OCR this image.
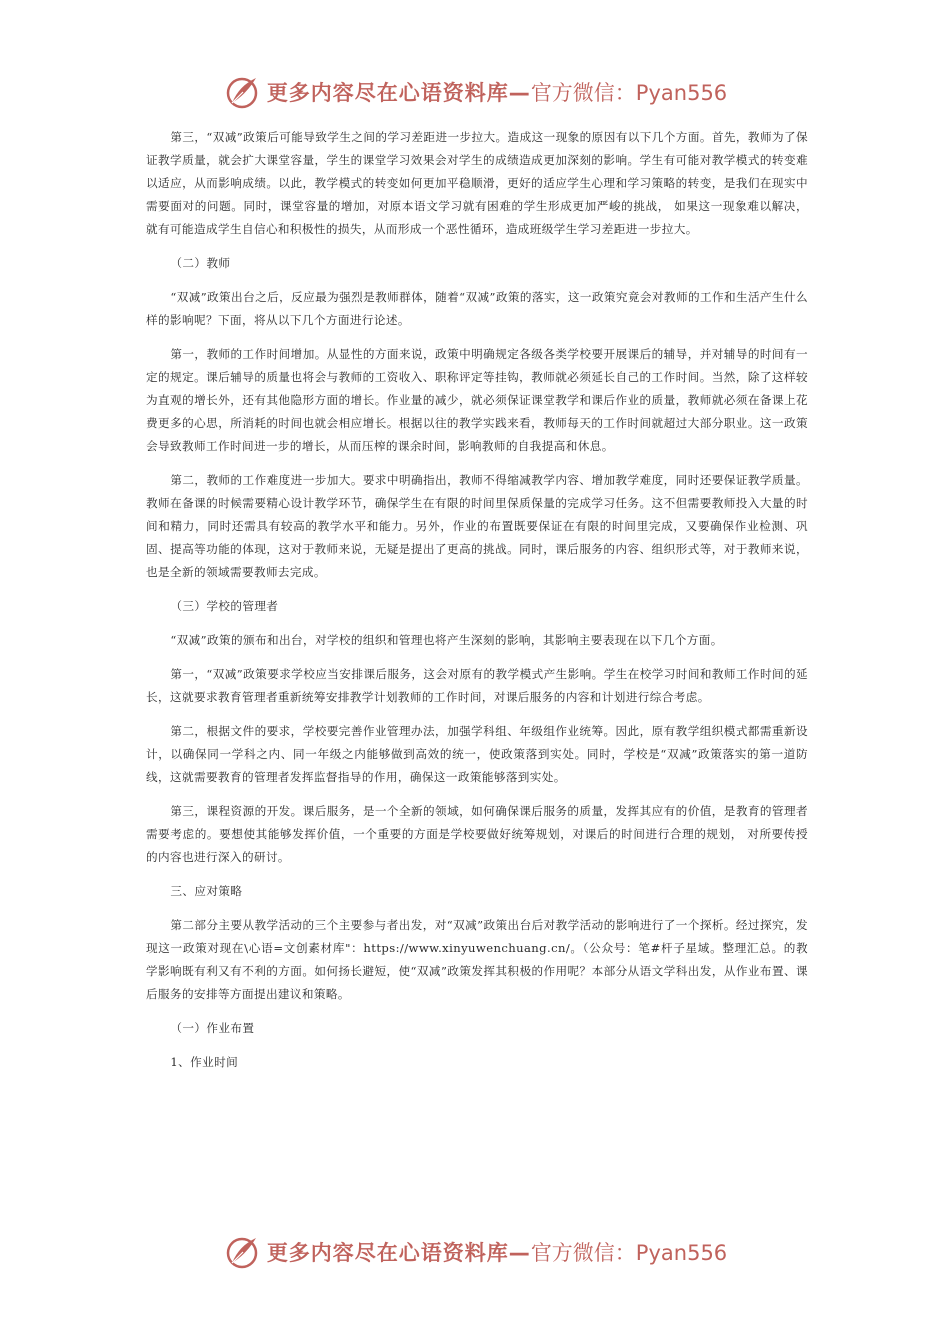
更多内容尽在心语资料库— 官方微信：Pyan556

第三，“双减”政策后可能导致学生之间的学习差距进一步拉大。造成这一现象的原因有以下几个方面。首先，教师为了保证教学质量，就会扩大课堂容量，学生的课堂学习效果会对学生的成绩造成更加深刻的影响。学生有可能对教学模式的转变难以适应，从而影响成绩。以此，教学模式的转变如何更加平稳顺滑，更好的适应学生心理和学习策略的转变，是我们在现实中需要面对的问题。同时，课堂容量的增加，对原本语文学习就有困难的学生形成更加严峻的挑战， 如果这一现象难以解决，就有可能造成学生自信心和积极性的损失，从而形成一个恶性循环，造成班级学生学习差距进一步拉大。

（二）教师

“双减”政策出台之后，反应最为强烈是教师群体，随着“双减”政策的落实，这一政策究竟会对教师的工作和生活产生什么样的影响呢？下面，将从以下几个方面进行论述。

第一，教师的工作时间增加。从显性的方面来说，政策中明确规定各级各类学校要开展课后的辅导，并对辅导的时间有一定的规定。课后辅导的质量也将会与教师的工资收入、职称评定等挂钩，教师就必须延长自己的工作时间。当然，除了这样较为直观的增长外，还有其他隐形方面的增长。作业量的减少，就必须保证课堂教学和课后作业的质量，教师就必须在备课上花费更多的心思，所消耗的时间也就会相应增长。根据以往的教学实践来看，教师每天的工作时间就超过大部分职业。这一政策会导致教师工作时间进一步的增长，从而压榨的课余时间，影响教师的自我提高和休息。

第二，教师的工作难度进一步加大。要求中明确指出，教师不得缩减教学内容、增加教学难度，同时还要保证教学质量。教师在备课的时候需要精心设计教学环节，确保学生在有限的时间里保质保量的完成学习任务。这不但需要教师投入大量的时间和精力，同时还需具有较高的教学水平和能力。另外，作业的布置既要保证在有限的时间里完成，又要确保作业检测、巩固、提高等功能的体现，这对于教师来说，无疑是提出了更高的挑战。同时，课后服务的内容、组织形式等，对于教师来说，也是全新的领域需要教师去完成。

（三）学校的管理者

“双减”政策的颁布和出台，对学校的组织和管理也将产生深刻的影响，其影响主要表现在以下几个方面。

第一，“双减”政策要求学校应当安排课后服务，这会对原有的教学模式产生影响。学生在校学习时间和教师工作时间的延长，这就要求教育管理者重新统筹安排教学计划教师的工作时间，对课后服务的内容和计划进行综合考虑。

第二，根据文件的要求，学校要完善作业管理办法，加强学科组、年级组作业统筹。因此，原有教学组织模式都需重新设计，以确保同一学科之内、同一年级之内能够做到高效的统一，使政策落到实处。同时，学校是“双减”政策落实的第一道防线，这就需要教育的管理者发挥监督指导的作用，确保这一政策能够落到实处。

第三，课程资源的开发。课后服务，是一个全新的领域，如何确保课后服务的质量，发挥其应有的价值，是教育的管理者需要考虑的。要想使其能够发挥价值，一个重要的方面是学校要做好统筹规划，对课后的时间进行合理的规划， 对所要传授的内容也进行深入的研讨。

三、应对策略

第二部分主要从教学活动的三个主要参与者出发，对“双减”政策出台后对教学活动的影响进行了一个探析。经过探究，发现这一政策对现在\心语=文创素材库"：https://www.xinyuwenchuang.cn/。（公众号：笔#杆子星域。整理汇总。的教学影响既有利又有不利的方面。如何扬长避短，使“双减”政策发挥其积极的作用呢？本部分从语文学科出发，从作业布置、课后服务的安排等方面提出建议和策略。

（一）作业布置

1、作业时间

更多内容尽在心语资料库— 官方微信：Pyan556
